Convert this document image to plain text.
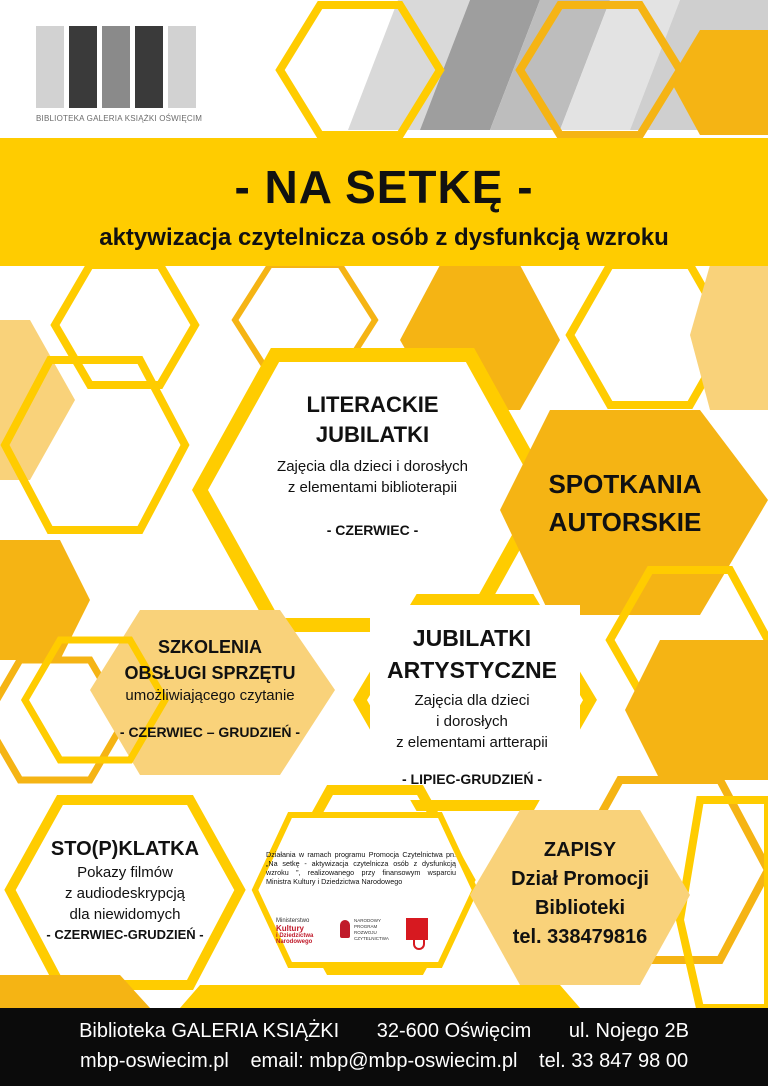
BIBLIOTEKA GALERIA KSIĄŻKI OŚWIĘCIM
- NA SETKĘ -
aktywizacja czytelnicza osób z dysfunkcją wzroku
LITERACKIE
JUBILATKI
Zajęcia dla dzieci i dorosłych
z elementami biblioterapii
- CZERWIEC -
SPOTKANIA
AUTORSKIE
SZKOLENIA
OBSŁUGI SPRZĘTU
umożliwiającego czytanie
- CZERWIEC – GRUDZIEŃ -
JUBILATKI
ARTYSTYCZNE
Zajęcia dla dzieci
i dorosłych
z elementami artterapii
- LIPIEC-GRUDZIEŃ -
STO(P)KLATKA
Pokazy filmów
z audiodeskrypcją
dla niewidomych
- CZERWIEC-GRUDZIEŃ -
Działania w ramach programu Promocja Czytelnictwa pn. „Na setkę - aktywizacja czytelnicza osób z dysfunkcją wzroku ”, realizowanego przy finansowym wsparciu Ministra Kultury i Dziedzictwa Narodowego
Ministerstwo
Kultury
i Dziedzictwa
Narodowego
NARODOWY
PROGRAM
ROZWOJU
CZYTELNICTWA
ZAPISY
Dział Promocji
Biblioteki
tel. 338479816
Biblioteka GALERIA KSIĄŻKI 32-600 Oświęcim ul. Nojego 2B
mbp-oswiecim.pl email: mbp@mbp-oswiecim.pl tel. 33 847 98 00
